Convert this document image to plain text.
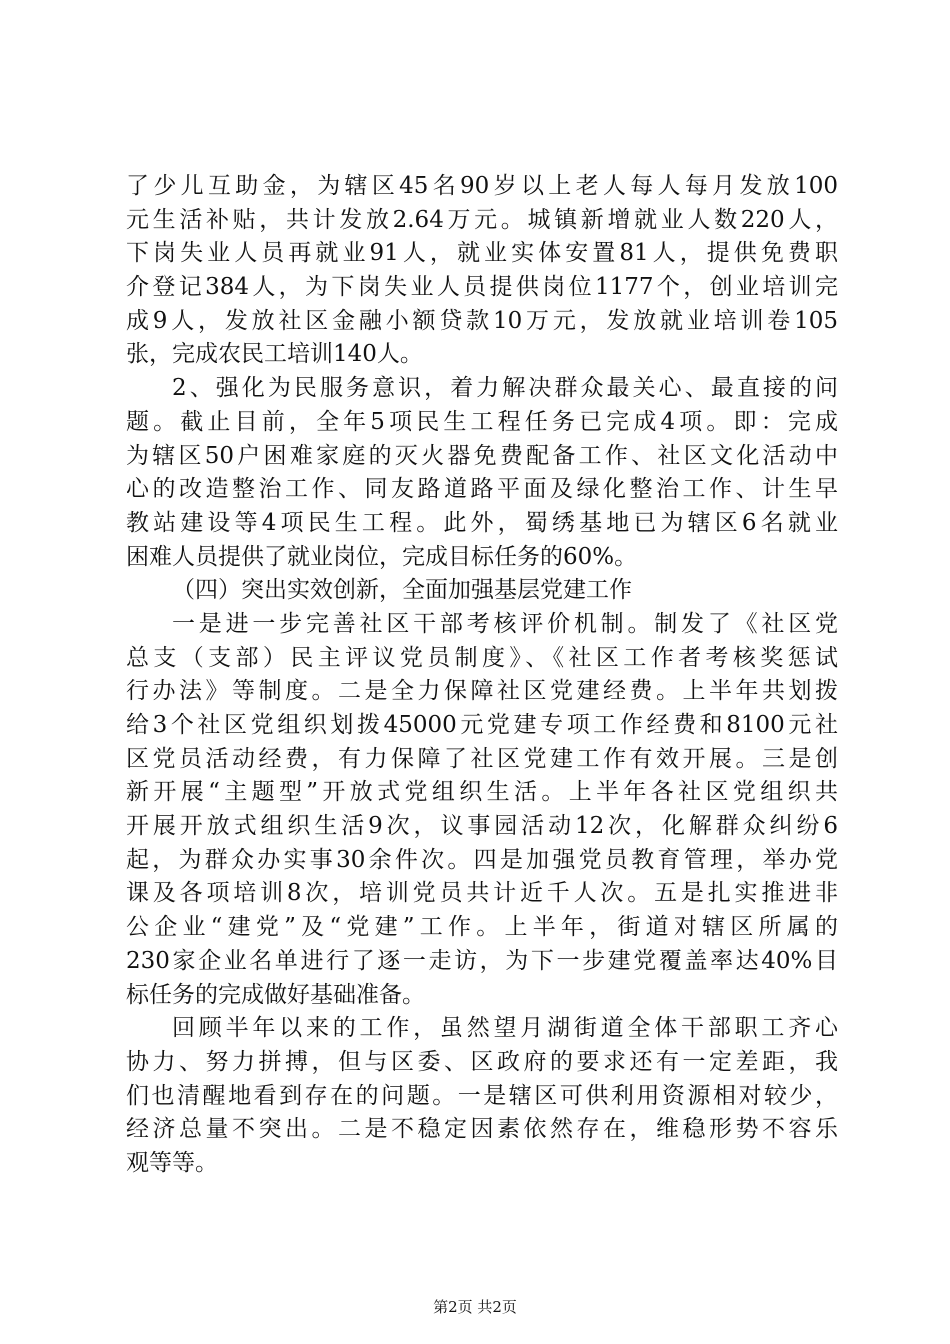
了少儿互助金，为辖区45名90岁以上老人每人每月发放100
元生活补贴，共计发放2.64万元。城镇新增就业人数220人，
下岗失业人员再就业91人，就业实体安置81人，提供免费职
介登记384人，为下岗失业人员提供岗位1177个，创业培训完
成9人，发放社区金融小额贷款10万元，发放就业培训卷105
张，完成农民工培训140人。
2、强化为民服务意识，着力解决群众最关心、最直接的问
题。截止目前，全年5项民生工程任务已完成4项。即：完成
为辖区50户困难家庭的灭火器免费配备工作、社区文化活动中
心的改造整治工作、同友路道路平面及绿化整治工作、计生早
教站建设等4项民生工程。此外，蜀绣基地已为辖区6名就业
困难人员提供了就业岗位，完成目标任务的60%。
（四）突出实效创新，全面加强基层党建工作
一是进一步完善社区干部考核评价机制。制发了《社区党
总支（支部）民主评议党员制度》、《社区工作者考核奖惩试
行办法》等制度。二是全力保障社区党建经费。上半年共划拨
给3个社区党组织划拨45000元党建专项工作经费和8100元社
区党员活动经费，有力保障了社区党建工作有效开展。三是创
新开展“主题型”开放式党组织生活。上半年各社区党组织共
开展开放式组织生活9次，议事园活动12次，化解群众纠纷6
起，为群众办实事30余件次。四是加强党员教育管理，举办党
课及各项培训8次，培训党员共计近千人次。五是扎实推进非
公企业“建党”及“党建”工作。上半年，街道对辖区所属的
230家企业名单进行了逐一走访，为下一步建党覆盖率达40%目
标任务的完成做好基础准备。
回顾半年以来的工作，虽然望月湖街道全体干部职工齐心
协力、努力拼搏，但与区委、区政府的要求还有一定差距，我
们也清醒地看到存在的问题。一是辖区可供利用资源相对较少，
经济总量不突出。二是不稳定因素依然存在，维稳形势不容乐
观等等。
第2页 共2页
